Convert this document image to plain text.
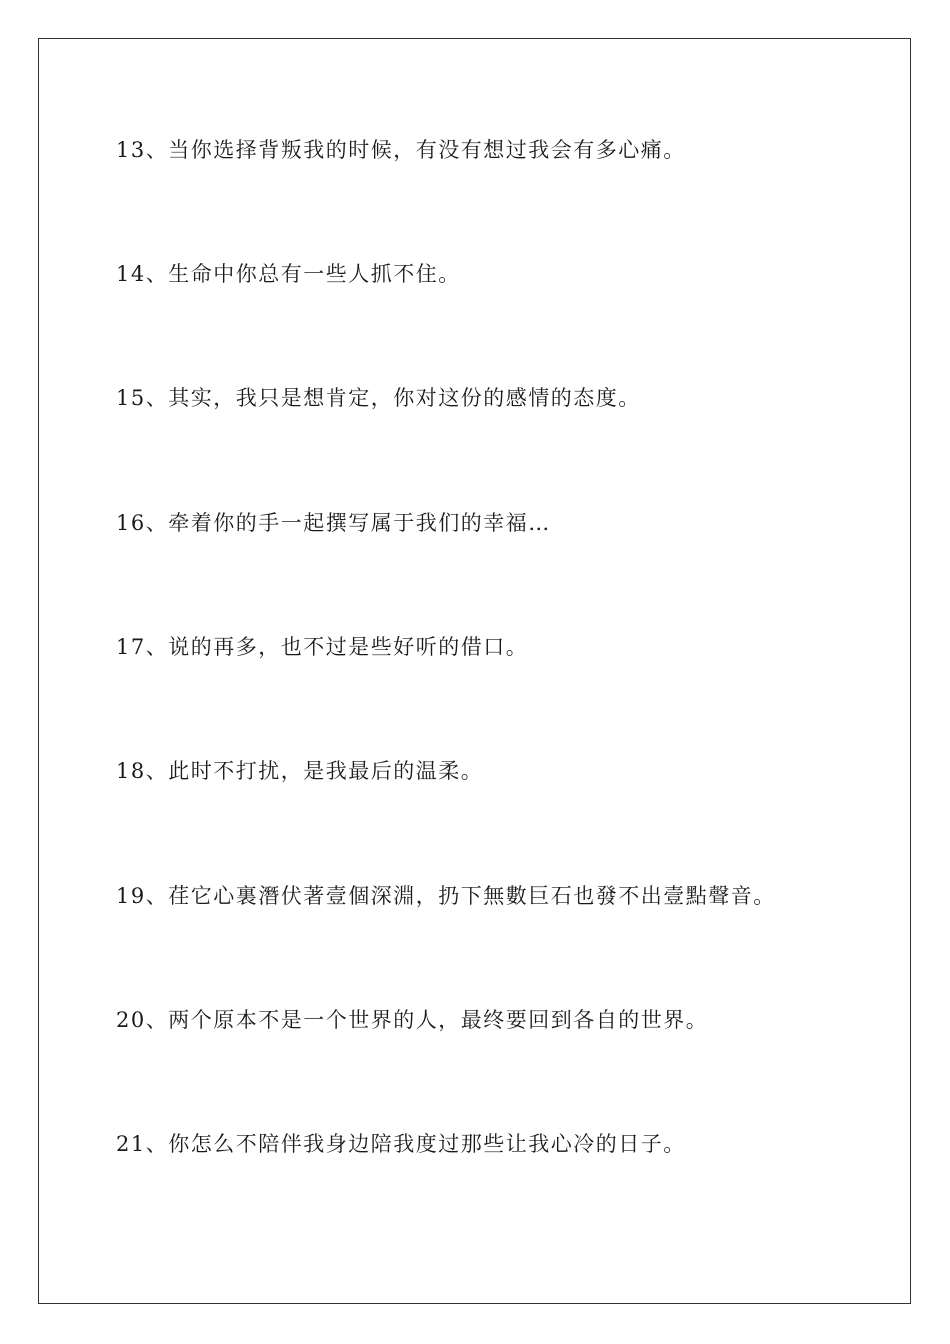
13、当你选择背叛我的时候，有没有想过我会有多心痛。
14、生命中你总有一些人抓不住。
15、其实，我只是想肯定，你对这份的感情的态度。
16、牵着你的手一起撰写属于我们的幸福…
17、说的再多，也不过是些好听的借口。
18、此时不打扰，是我最后的温柔。
19、荏它心裏潛伏著壹個深淵，扔下無數巨石也發不出壹點聲音。
20、两个原本不是一个世界的人，最终要回到各自的世界。
21、你怎么不陪伴我身边陪我度过那些让我心冷的日子。
